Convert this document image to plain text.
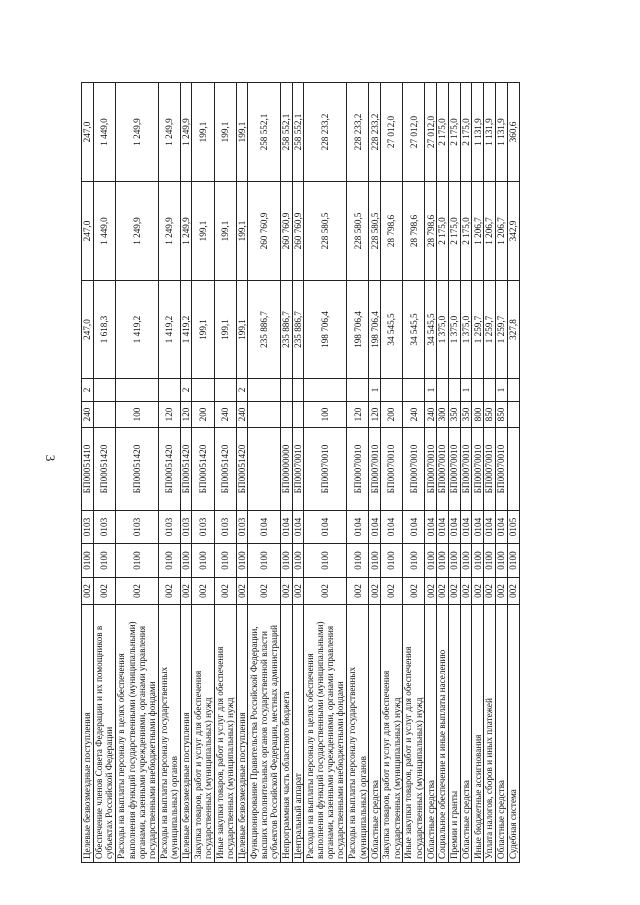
3
Целевые безвозмездные поступления	002	0100	0103	БП00051410	240	2	247,0	247,0	247,0
Обеспечение членов Совета Федерации и их помощников в субъектах Российской Федерации	002	0100	0103	БП00051420			1 618,3	1 449,0	1 449,0
Расходы на выплаты персоналу в целях обеспечения выполнения функций государственными (муниципальными) органами, казенными учреждениями, органами управления государственными внебюджетными фондами	002	0100	0103	БП00051420	100		1 419,2	1 249,9	1 249,9
Расходы на выплаты персоналу государственных (муниципальных) органов	002	0100	0103	БП00051420	120		1 419,2	1 249,9	1 249,9
Целевые безвозмездные поступления	002	0100	0103	БП00051420	120	2	1 419,2	1 249,9	1 249,9
Закупка товаров, работ и услуг для обеспечения государственных (муниципальных) нужд	002	0100	0103	БП00051420	200		199,1	199,1	199,1
Иные закупки товаров, работ и услуг для обеспечения государственных (муниципальных) нужд	002	0100	0103	БП00051420	240		199,1	199,1	199,1
Целевые безвозмездные поступления	002	0100	0103	БП00051420	240	2	199,1	199,1	199,1
Функционирование Правительства Российской Федерации, высших исполнительных органов государственной власти субъектов Российской Федерации, местных администраций	002	0100	0104				235 886,7	260 760,9	258 552,1
Непрограммная часть областного бюджета	002	0100	0104	БП00000000			235 886,7	260 760,9	258 552,1
Центральный аппарат	002	0100	0104	БП00070010			235 886,7	260 760,9	258 552,1
Расходы на выплаты персоналу в целях обеспечения выполнения функций государственными (муниципальными) органами, казенными учреждениями, органами управления государственными внебюджетными фондами	002	0100	0104	БП00070010	100		198 706,4	228 580,5	228 233,2
Расходы на выплаты персоналу государственных (муниципальных) органов	002	0100	0104	БП00070010	120		198 706,4	228 580,5	228 233,2
Областные средства	002	0100	0104	БП00070010	120	1	198 706,4	228 580,5	228 233,2
Закупка товаров, работ и услуг для обеспечения государственных (муниципальных) нужд	002	0100	0104	БП00070010	200		34 545,5	28 798,6	27 012,0
Иные закупки товаров, работ и услуг для обеспечения государственных (муниципальных) нужд	002	0100	0104	БП00070010	240		34 545,5	28 798,6	27 012,0
Областные средства	002	0100	0104	БП00070010	240	1	34 545,5	28 798,6	27 012,0
Социальное обеспечение и иные выплаты населению	002	0100	0104	БП00070010	300		1 375,0	2 175,0	2 175,0
Премии и гранты	002	0100	0104	БП00070010	350		1 375,0	2 175,0	2 175,0
Областные средства	002	0100	0104	БП00070010	350	1	1 375,0	2 175,0	2 175,0
Иные бюджетные ассигнования	002	0100	0104	БП00070010	800		1 259,7	1 206,7	1 131,9
Уплата налогов, сборов и иных платежей	002	0100	0104	БП00070010	850		1 259,7	1 206,7	1 131,9
Областные средства	002	0100	0104	БП00070010	850	1	1 259,7	1 206,7	1 131,9
Судебная система	002	0100	0105				327,8	342,9	360,6
